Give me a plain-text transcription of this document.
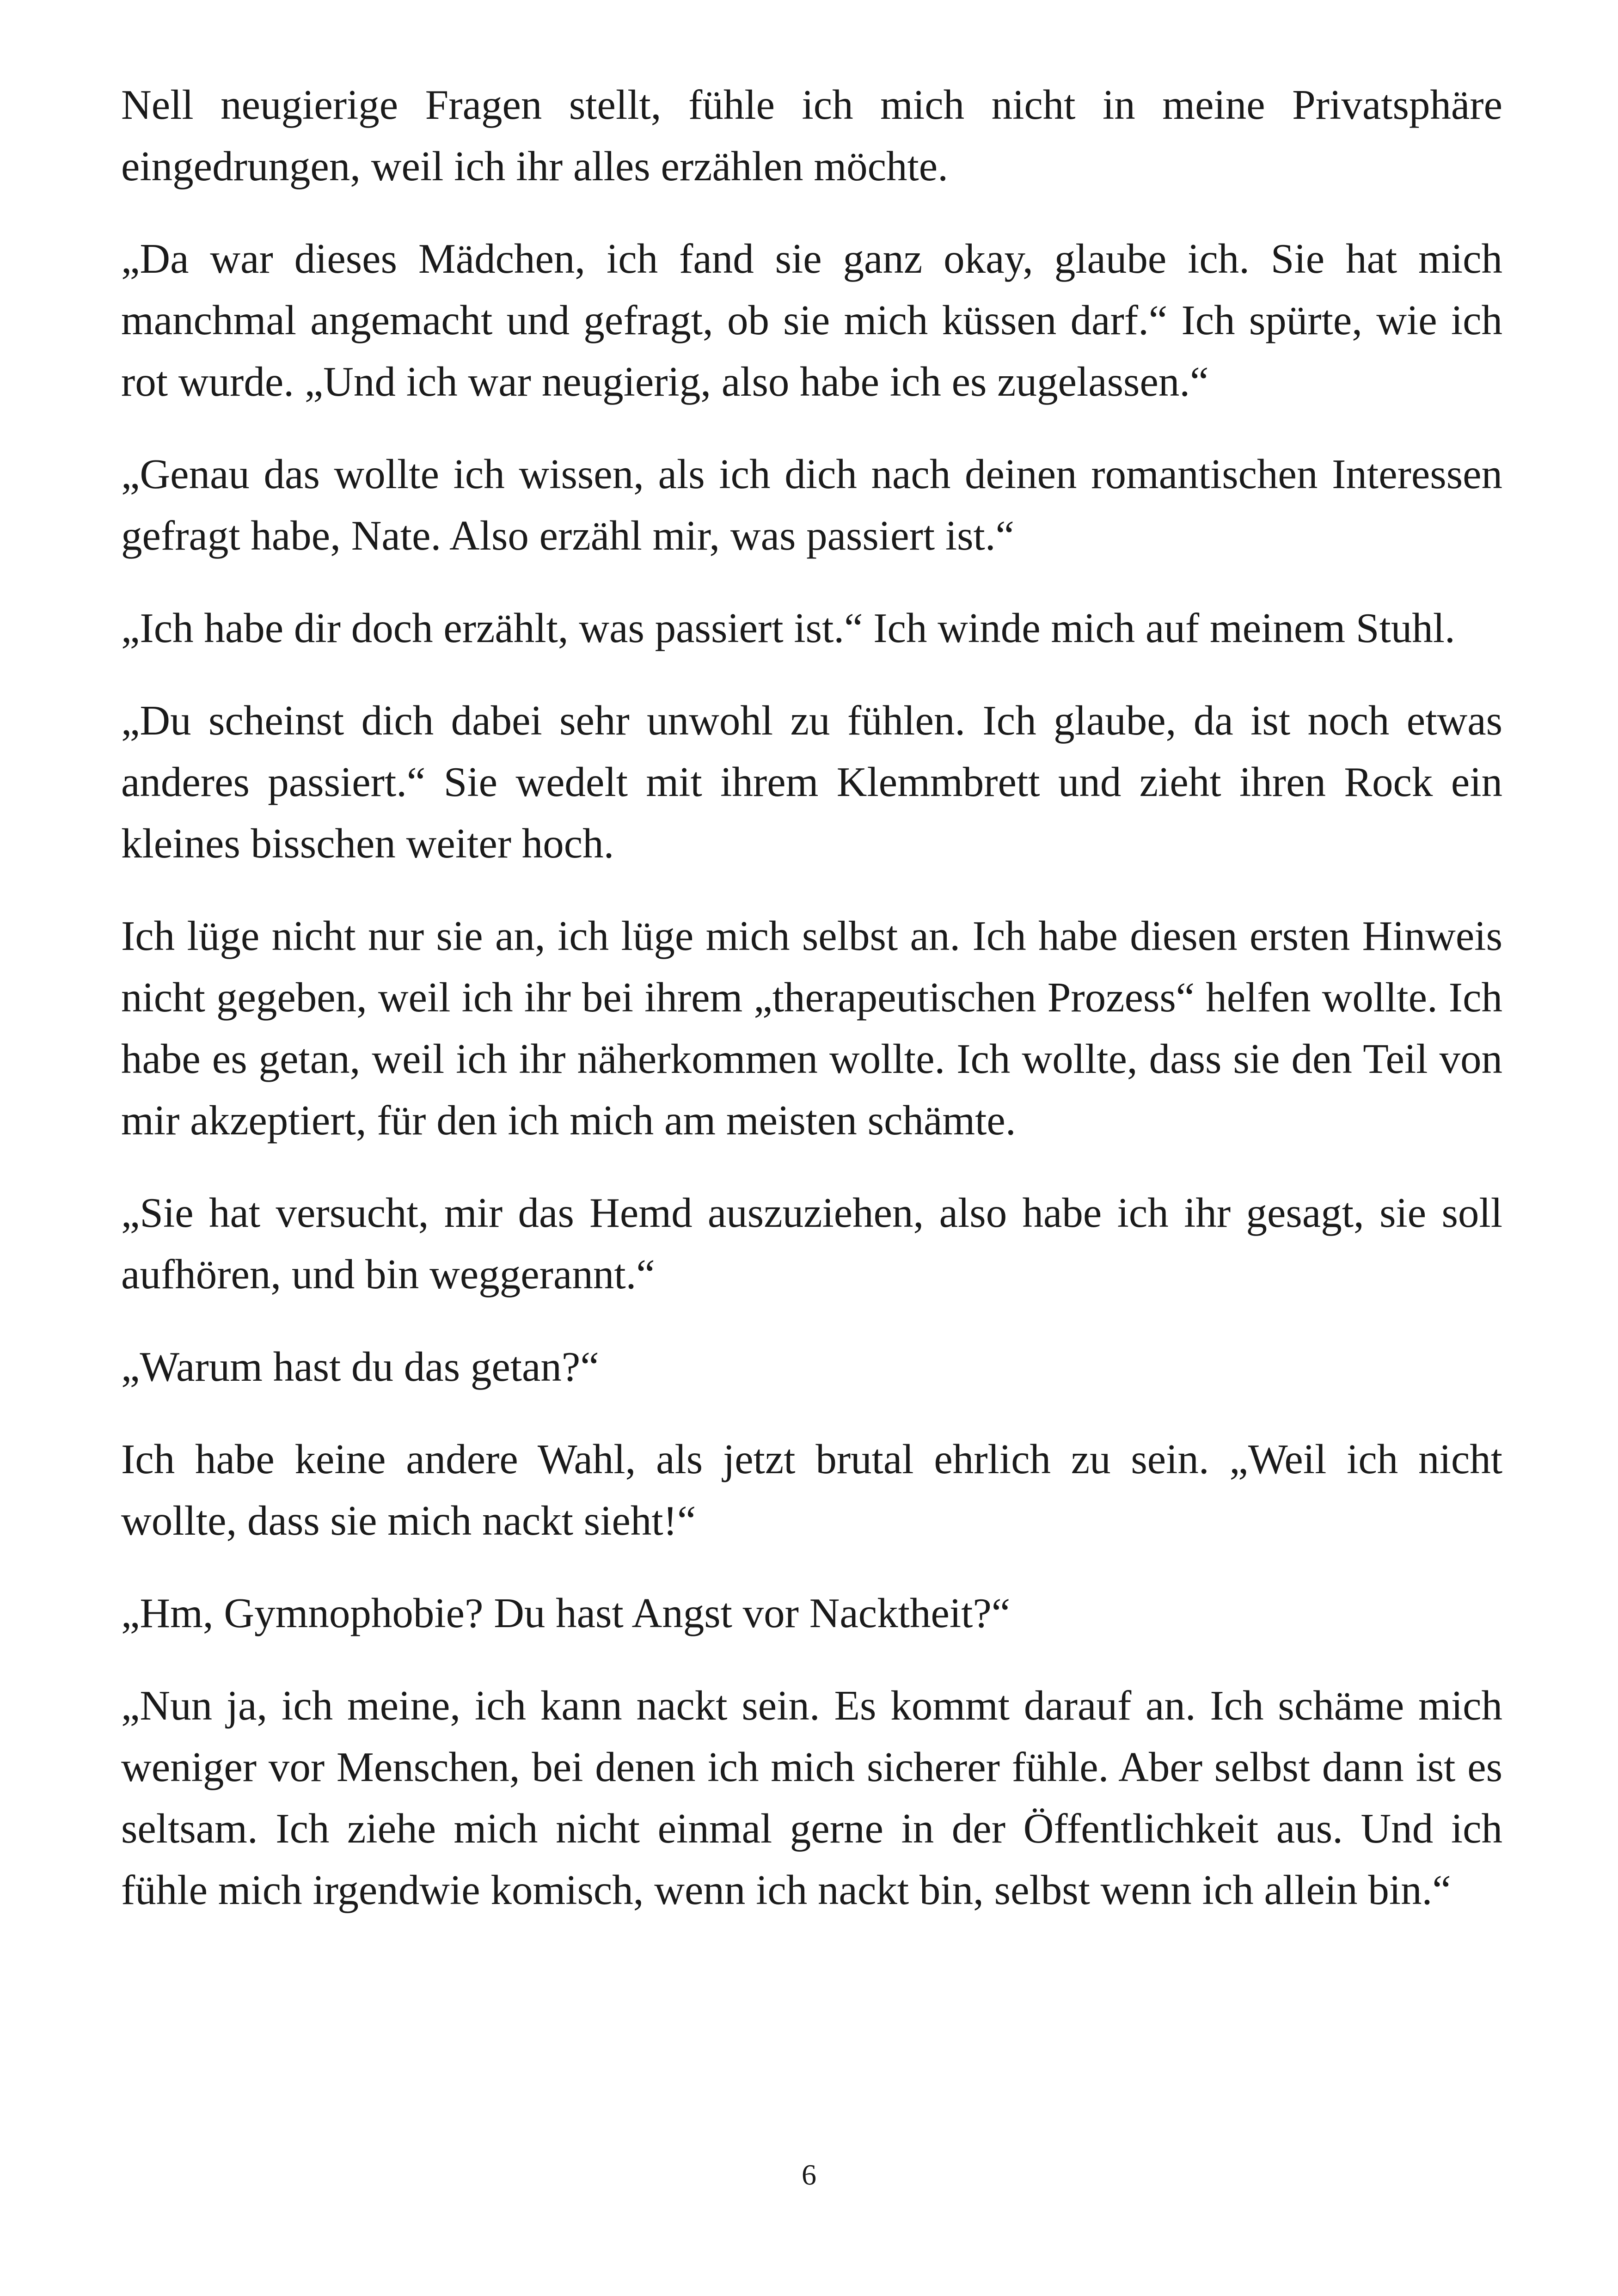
Nell neugierige Fragen stellt, fühle ich mich nicht in meine Privatsphäre eingedrungen, weil ich ihr alles erzählen möchte.

„Da war dieses Mädchen, ich fand sie ganz okay, glaube ich. Sie hat mich manchmal angemacht und gefragt, ob sie mich küssen darf.“ Ich spürte, wie ich rot wurde. „Und ich war neugierig, also habe ich es zugelassen.“

„Genau das wollte ich wissen, als ich dich nach deinen romantischen Interessen gefragt habe, Nate. Also erzähl mir, was passiert ist.“

„Ich habe dir doch erzählt, was passiert ist.“ Ich winde mich auf meinem Stuhl.

„Du scheinst dich dabei sehr unwohl zu fühlen. Ich glaube, da ist noch etwas anderes passiert.“ Sie wedelt mit ihrem Klemmbrett und zieht ihren Rock ein kleines bisschen weiter hoch.

Ich lüge nicht nur sie an, ich lüge mich selbst an. Ich habe diesen ersten Hinweis nicht gegeben, weil ich ihr bei ihrem „therapeutischen Prozess“ helfen wollte. Ich habe es getan, weil ich ihr näherkommen wollte. Ich wollte, dass sie den Teil von mir akzeptiert, für den ich mich am meisten schämte.

„Sie hat versucht, mir das Hemd auszuziehen, also habe ich ihr gesagt, sie soll aufhören, und bin weggerannt.“

„Warum hast du das getan?“

Ich habe keine andere Wahl, als jetzt brutal ehrlich zu sein. „Weil ich nicht wollte, dass sie mich nackt sieht!“

„Hm, Gymnophobie? Du hast Angst vor Nacktheit?“

„Nun ja, ich meine, ich kann nackt sein. Es kommt darauf an. Ich schäme mich weniger vor Menschen, bei denen ich mich sicherer fühle. Aber selbst dann ist es seltsam. Ich ziehe mich nicht einmal gerne in der Öffentlichkeit aus. Und ich fühle mich irgendwie komisch, wenn ich nackt bin, selbst wenn ich allein bin.“

6
